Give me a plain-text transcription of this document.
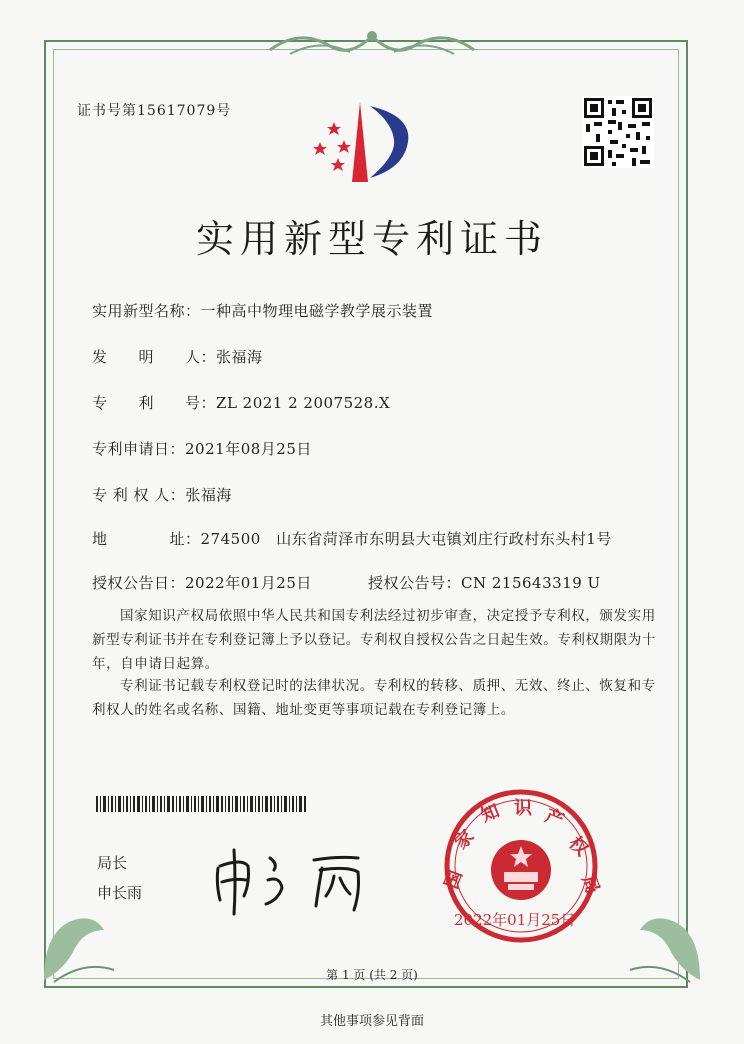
证书号第15617079号
实用新型专利证书
实用新型名称：一种高中物理电磁学教学展示装置
发　　明　　人：张福海
专　　利　　号：ZL 2021 2 2007528.X
专利申请日：2021年08月25日
专 利 权 人：张福海
地　　　　址：274500　山东省菏泽市东明县大屯镇刘庄行政村东头村1号
授权公告日：2022年01月25日	授权公告号：CN 215643319 U
国家知识产权局依照中华人民共和国专利法经过初步审查，决定授予专利权，颁发实用
新型专利证书并在专利登记簿上予以登记。专利权自授权公告之日起生效。专利权期限为十
年，自申请日起算。
专利证书记载专利权登记时的法律状况。专利权的转移、质押、无效、终止、恢复和专
利权人的姓名或名称、国籍、地址变更等事项记载在专利登记簿上。
局长
申长雨
国
家
知 识 产
权
局
2022年01月25日
第 1 页 (共 2 页)
其他事项参见背面
